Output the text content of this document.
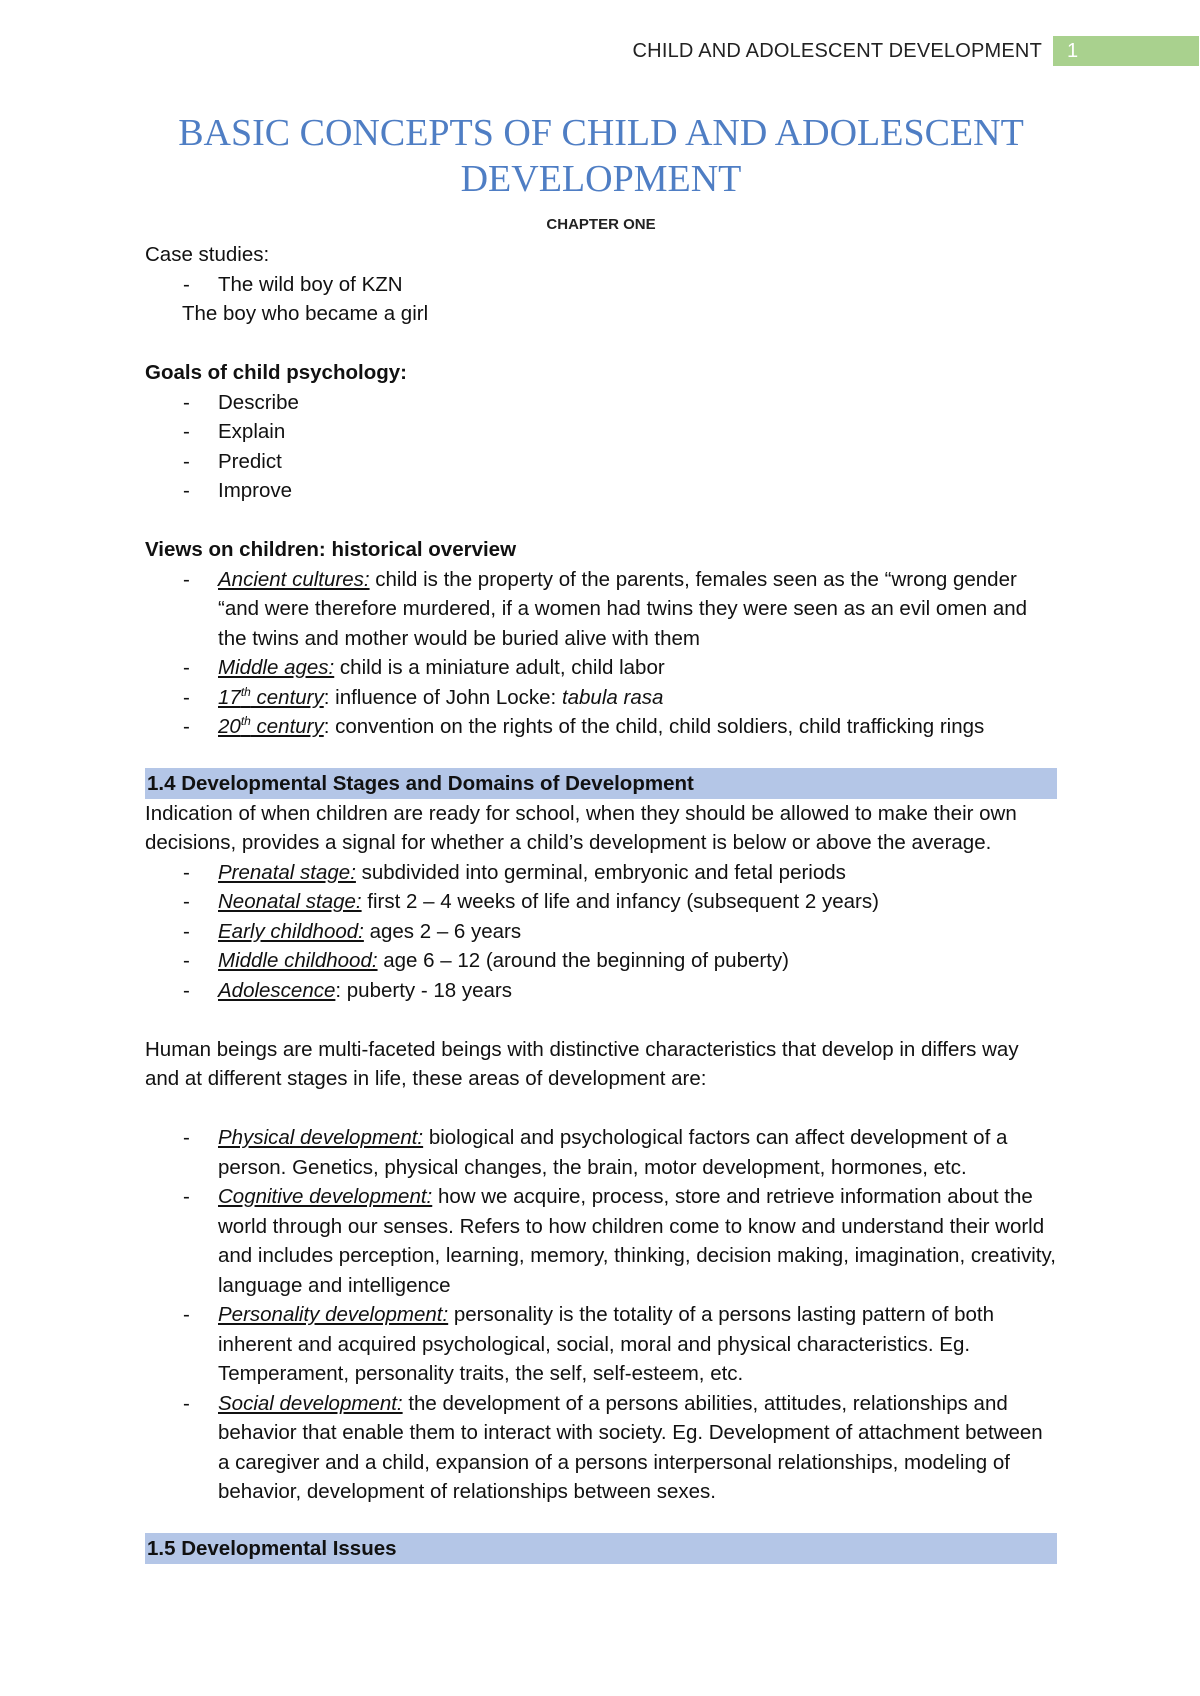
CHILD AND ADOLESCENT DEVELOPMENT	1
BASIC CONCEPTS OF CHILD AND ADOLESCENT DEVELOPMENT
CHAPTER ONE

Case studies:

- The wild boy of KZN

The boy who became a girl

Goals of child psychology:

- Describe
- Explain
- Predict
- Improve

Views on children: historical overview

- Ancient cultures: child is the property of the parents, females seen as the “wrong gender “and were therefore murdered, if a women had twins they were seen as an evil omen and the twins and mother would be buried alive with them
- Middle ages: child is a miniature adult, child labor
- 17th century: influence of John Locke: tabula rasa
- 20th century: convention on the rights of the child, child soldiers, child trafficking rings

1.4 Developmental Stages and Domains of Development

Indication of when children are ready for school, when they should be allowed to make their own decisions, provides a signal for whether a child’s development is below or above the average.

- Prenatal stage: subdivided into germinal, embryonic and fetal periods
- Neonatal stage: first 2 – 4 weeks of life and infancy (subsequent 2 years)
- Early childhood: ages 2 – 6 years
- Middle childhood: age 6 – 12 (around the beginning of puberty)
- Adolescence: puberty - 18 years

Human beings are multi-faceted beings with distinctive characteristics that develop in differs way and at different stages in life, these areas of development are:

- Physical development: biological and psychological factors can affect development of a person. Genetics, physical changes, the brain, motor development, hormones, etc.
- Cognitive development: how we acquire, process, store and retrieve information about the world through our senses. Refers to how children come to know and understand their world and includes perception, learning, memory, thinking, decision making, imagination, creativity, language and intelligence
- Personality development: personality is the totality of a persons lasting pattern of both inherent and acquired psychological, social, moral and physical characteristics. Eg. Temperament, personality traits, the self, self-esteem, etc.
- Social development: the development of a persons abilities, attitudes, relationships and behavior that enable them to interact with society. Eg. Development of attachment between a caregiver and a child, expansion of a persons interpersonal relationships, modeling of behavior, development of relationships between sexes.

1.5 Developmental Issues
